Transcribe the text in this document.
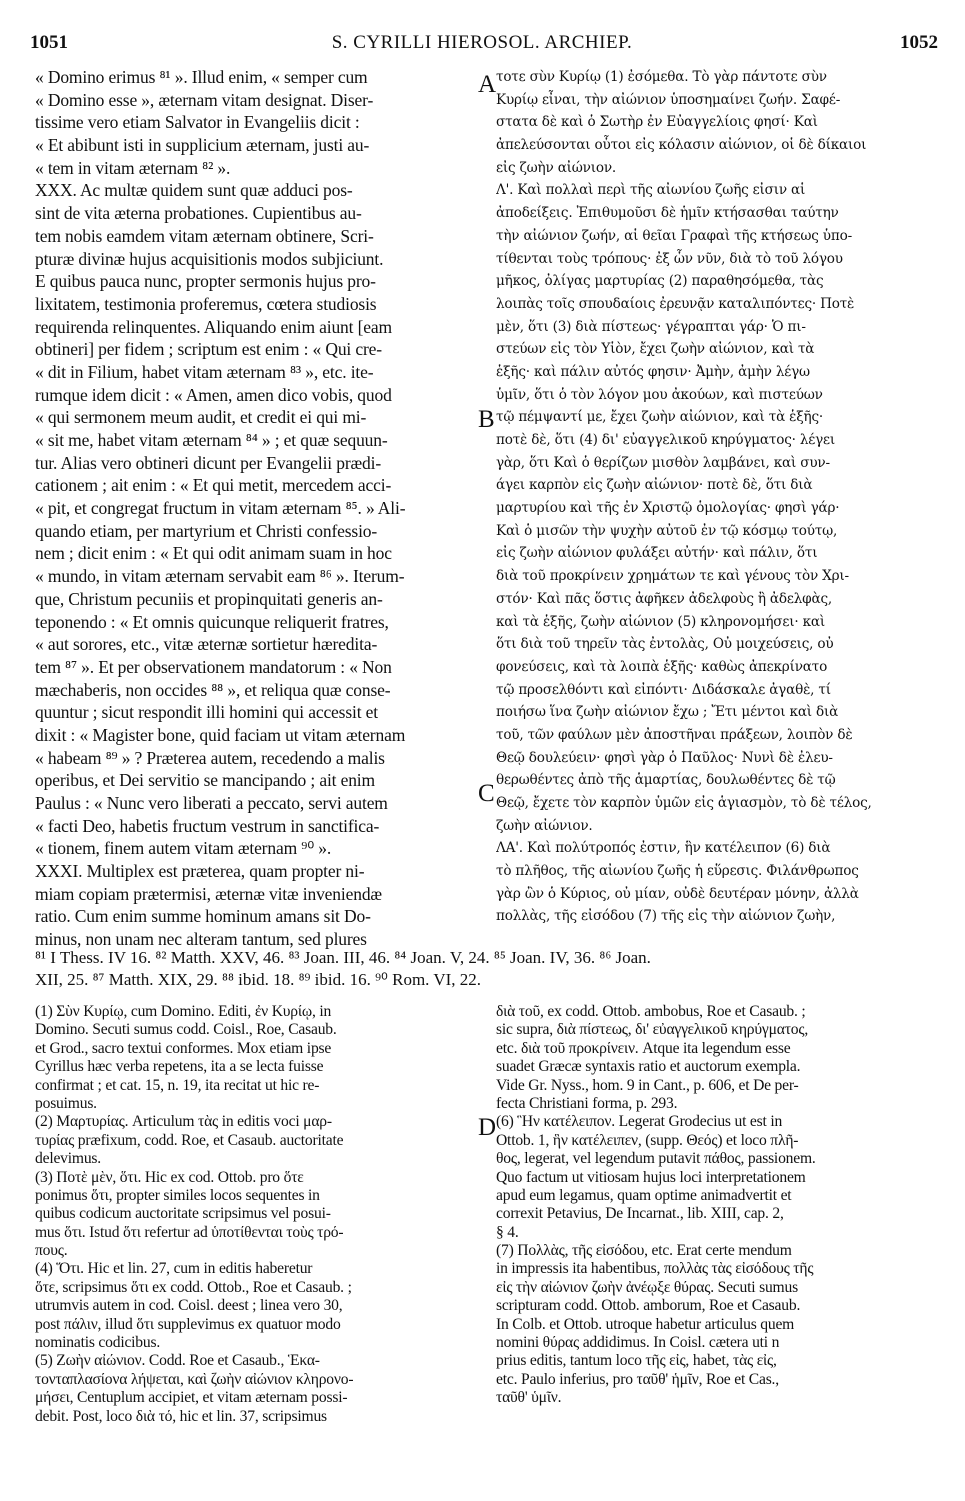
1051	S. CYRILLI HIEROSOL. ARCHIEP.	1052
« Domino erimus ⁸¹ ». Illud enim, « semper cum
« Domino esse », æternam vitam designat. Diser-
tissime vero etiam Salvator in Evangeliis dicit :
« Et abibunt isti in supplicium æternam, justi au-
« tem in vitam æternam ⁸² ».
XXX. Ac multæ quidem sunt quæ adduci pos-
sint de vita æterna probationes. Cupientibus au-
tem nobis eamdem vitam æternam obtinere, Scri-
pturæ divinæ hujus acquisitionis modos subjiciunt.
E quibus pauca nunc, propter sermonis hujus pro-
lixitatem, testimonia proferemus, cœtera studiosis
requirenda relinquentes. Aliquando enim aiunt [eam
obtineri] per fidem ; scriptum est enim : « Qui cre-
« dit in Filium, habet vitam æternam ⁸³ », etc. ite-
rumque idem dicit : « Amen, amen dico vobis, quod
« qui sermonem meum audit, et credit ei qui mi-
« sit me, habet vitam æternam ⁸⁴ » ; et quæ sequun-
tur. Alias vero obtineri dicunt per Evangelii prædi-
cationem ; ait enim : « Et qui metit, mercedem acci-
« pit, et congregat fructum in vitam æternam ⁸⁵. » Ali-
quando etiam, per martyrium et Christi confessio-
nem ; dicit enim : « Et qui odit animam suam in hoc
« mundo, in vitam æternam servabit eam ⁸⁶ ». Iterum-
que, Christum pecuniis et propinquitati generis an-
teponendo : « Et omnis quicunque reliquerit fratres,
« aut sorores, etc., vitæ æternæ sortietur hæredita-
tem ⁸⁷ ». Et per observationem mandatorum : « Non
mæchaberis, non occides ⁸⁸ », et reliqua quæ conse-
quuntur ; sicut respondit illi homini qui accessit et
dixit : « Magister bone, quid faciam ut vitam æternam
« habeam ⁸⁹ » ? Præterea autem, recedendo a malis
operibus, et Dei servitio se mancipando ; ait enim
Paulus : « Nunc vero liberati a peccato, servi autem
« facti Deo, habetis fructum vestrum in sanctifica-
« tionem, finem autem vitam æternam ⁹⁰ ».
XXXI. Multiplex est præterea, quam propter ni-
miam copiam prætermisi, æternæ vitæ inveniendæ
ratio. Cum enim summe hominum amans sit Do-
minus, non unam nec alteram tantum, sed plures
τοτε σὺν Κυρίῳ (1) ἐσόμεθα. Τὸ γὰρ πάντοτε σὺν
Κυρίῳ εἶναι, τὴν αἰώνιον ὑποσημαίνει ζωήν. Σαφέ-
στατα δὲ καὶ ὁ Σωτὴρ ἐν Εὐαγγελίοις φησί· Καὶ
ἀπελεύσονται οὗτοι εἰς κόλασιν αἰώνιον, οἱ δὲ δίκαιοι
εἰς ζωὴν αἰώνιον.
Λ'. Καὶ πολλαὶ περὶ τῆς αἰωνίου ζωῆς εἰσιν αἱ
ἀποδείξεις. Ἐπιθυμοῦσι δὲ ἡμῖν κτήσασθαι ταύτην
τὴν αἰώνιον ζωήν, αἱ θεῖαι Γραφαὶ τῆς κτήσεως ὑπο-
τίθενται τοὺς τρόπους· ἐξ ὧν νῦν, διὰ τὸ τοῦ λόγου
μῆκος, ὀλίγας μαρτυρίας (2) παραθησόμεθα, τὰς
λοιπὰς τοῖς σπουδαίοις ἐρευνᾷν καταλιπόντες· Ποτὲ
μὲν, ὅτι (3) διὰ πίστεως· γέγραπται γάρ· Ὁ πι-
στεύων εἰς τὸν Υἱὸν, ἔχει ζωὴν αἰώνιον, καὶ τὰ
ἑξῆς· καὶ πάλιν αὐτός φησιν· Ἀμὴν, ἀμὴν λέγω
ὑμῖν, ὅτι ὁ τὸν λόγον μου ἀκούων, καὶ πιστεύων
τῷ πέμψαντί με, ἔχει ζωὴν αἰώνιον, καὶ τὰ ἑξῆς·
ποτὲ δὲ, ὅτι (4) δι' εὐαγγελικοῦ κηρύγματος· λέγει
γὰρ, ὅτι Καὶ ὁ θερίζων μισθὸν λαμβάνει, καὶ συν-
άγει καρπὸν εἰς ζωὴν αἰώνιον· ποτὲ δὲ, ὅτι διὰ
μαρτυρίου καὶ τῆς ἐν Χριστῷ ὁμολογίας· φησὶ γάρ·
Καὶ ὁ μισῶν τὴν ψυχὴν αὐτοῦ ἐν τῷ κόσμῳ τούτῳ,
εἰς ζωὴν αἰώνιον φυλάξει αὐτήν· καὶ πάλιν, ὅτι
διὰ τοῦ προκρίνειν χρημάτων τε καὶ γένους τὸν Χρι-
στόν· Καὶ πᾶς ὅστις ἀφῆκεν ἀδελφοὺς ἢ ἀδελφὰς,
καὶ τὰ ἑξῆς, ζωὴν αἰώνιον (5) κληρονομήσει· καὶ
ὅτι διὰ τοῦ τηρεῖν τὰς ἐντολὰς, Οὐ μοιχεύσεις, οὐ
φονεύσεις, καὶ τὰ λοιπὰ ἑξῆς· καθὼς ἀπεκρίνατο
τῷ προσελθόντι καὶ εἰπόντι· Διδάσκαλε ἀγαθὲ, τί
ποιήσω ἵνα ζωὴν αἰώνιον ἔχω ; Ἔτι μέντοι καὶ διὰ
τοῦ, τῶν φαύλων μὲν ἀποστῆναι πράξεων, λοιπὸν δὲ
Θεῷ δουλεύειν· φησὶ γὰρ ὁ Παῦλος· Νυνὶ δὲ ἐλευ-
θερωθέντες ἀπὸ τῆς ἁμαρτίας, δουλωθέντες δὲ τῷ
Θεῷ, ἔχετε τὸν καρπὸν ὑμῶν εἰς ἁγιασμὸν, τὸ δὲ τέλος,
ζωὴν αἰώνιον.
ΛΑ'. Καὶ πολύτροπός ἐστιν, ἣν κατέλειπον (6) διὰ
τὸ πλῆθος, τῆς αἰωνίου ζωῆς ἡ εὕρεσις. Φιλάνθρωπος
γὰρ ὢν ὁ Κύριος, οὐ μίαν, οὐδὲ δευτέραν μόνην, ἀλλὰ
πολλὰς, τῆς εἰσόδου (7) τῆς εἰς τὴν αἰώνιον ζωὴν,
A
B
C
D
⁸¹ I Thess. IV 16. ⁸² Matth. XXV, 46. ⁸³ Joan. III, 46. ⁸⁴ Joan. V, 24. ⁸⁵ Joan. IV, 36. ⁸⁶ Joan.
XII, 25. ⁸⁷ Matth. XIX, 29. ⁸⁸ ibid. 18. ⁸⁹ ibid. 16. ⁹⁰ Rom. VI, 22.
(1) Σὺν Κυρίῳ, cum Domino. Editi, ἐν Κυρίῳ, in
Domino. Secuti sumus codd. Coisl., Roe, Casaub.
et Grod., sacro textui conformes. Mox etiam ipse
Cyrillus hæc verba repetens, ita a se lecta fuisse
confirmat ; et cat. 15, n. 19, ita recitat ut hic re-
posuimus.
(2) Μαρτυρίας. Articulum τὰς in editis voci μαρ-
τυρίας præfixum, codd. Roe, et Casaub. auctoritate
delevimus.
(3) Ποτὲ μὲν, ὅτι. Hic ex cod. Ottob. pro ὅτε
ponimus ὅτι, propter similes locos sequentes in
quibus codicum auctoritate scripsimus vel posui-
mus ὅτι. Istud ὅτι refertur ad ὑποτίθενται τοὺς τρό-
πους.
(4) Ὅτι. Hic et lin. 27, cum in editis haberetur
ὅτε, scripsimus ὅτι ex codd. Ottob., Roe et Casaub. ;
utrumvis autem in cod. Coisl. deest ; linea vero 30,
post πάλιν, illud ὅτι supplevimus ex quatuor modo
nominatis codicibus.
(5) Ζωὴν αἰώνιον. Codd. Roe et Casaub., Ἑκα-
τονταπλασίονα λήψεται, καὶ ζωὴν αἰώνιον κληρονο-
μήσει, Centuplum accipiet, et vitam æternam possi-
debit. Post, loco διὰ τό, hic et lin. 37, scripsimus
διὰ τοῦ, ex codd. Ottob. ambobus, Roe et Casaub. ;
sic supra, διὰ πίστεως, δι' εὐαγγελικοῦ κηρύγματος,
etc. διὰ τοῦ προκρίνειν. Atque ita legendum esse
suadet Græcæ syntaxis ratio et auctorum exempla.
Vide Gr. Nyss., hom. 9 in Cant., p. 606, et De per-
fecta Christiani forma, p. 293.
(6) Ἣν κατέλειπον. Legerat Grodecius ut est in
Ottob. 1, ἣν κατέλειπεν, (supp. Θεός) et loco πλῆ-
θος, legerat, vel legendum putavit πάθος, passionem.
Quo factum ut vitiosam hujus loci interpretationem
apud eum legamus, quam optime animadvertit et
correxit Petavius, De Incarnat., lib. XIII, cap. 2,
§ 4.
(7) Πολλὰς, τῆς εἰσόδου, etc. Erat certe mendum
in impressis ita habentibus, πολλὰς τὰς εἰσόδους τῆς
εἰς τὴν αἰώνιον ζωὴν ἀνέῳξε θύρας. Secuti sumus
scripturam codd. Ottob. amborum, Roe et Casaub.
In Colb. et Ottob. utroque habetur articulus quem
nomini θύρας addidimus. In Coisl. cætera uti n
prius editis, tantum loco τῆς εἰς, habet, τὰς εἰς,
etc. Paulo inferius, pro ταῦθ' ἡμῖν, Roe et Cas.,
ταῦθ' ὑμῖν.
